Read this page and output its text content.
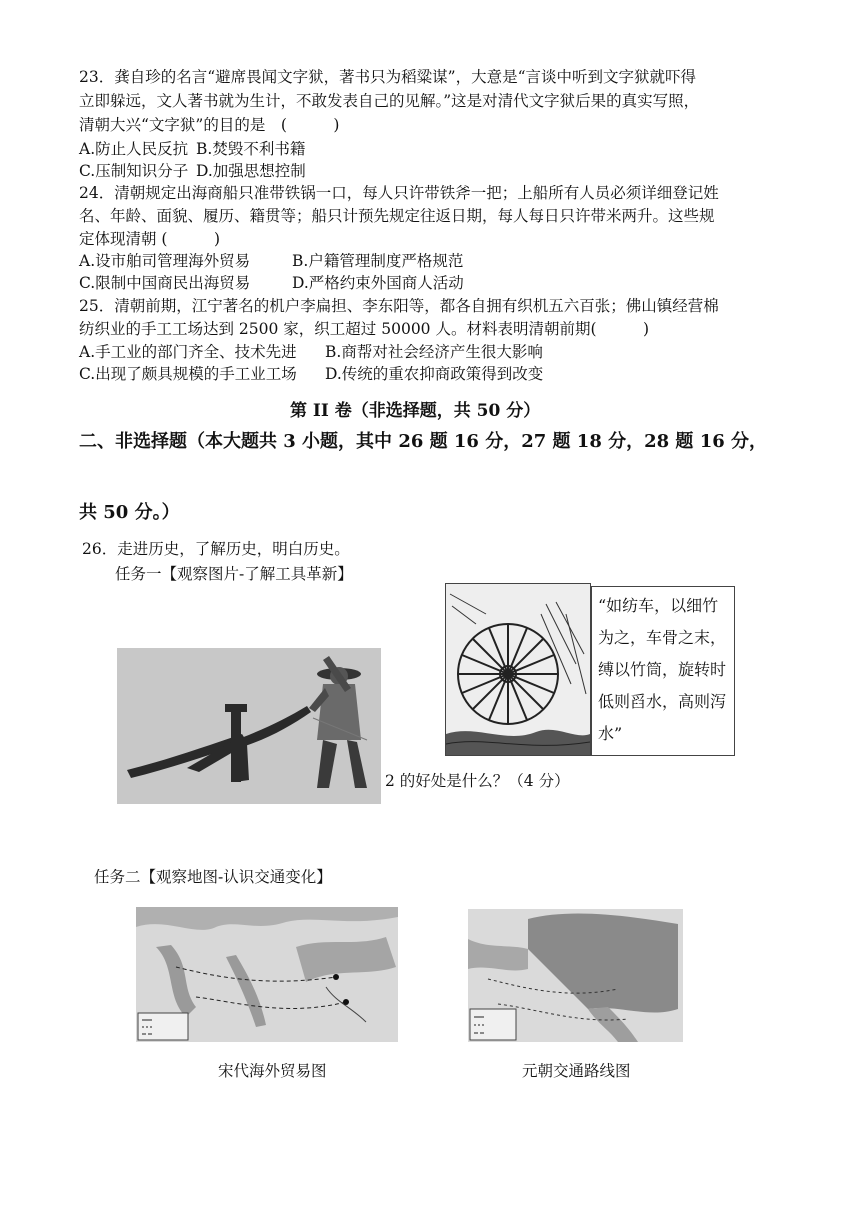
23．龚自珍的名言“避席畏闻文字狱，著书只为稻粱谋”，大意是“言谈中听到文字狱就吓得
立即躲远，文人著书就为生计，不敢发表自己的见解。”这是对清代文字狱后果的真实写照，
清朝大兴“文字狱”的目的是　(　　　)
A.防止人民反抗 B.焚毁不利书籍
C.压制知识分子 D.加强思想控制
24．清朝规定出海商船只准带铁锅一口，每人只许带铁斧一把；上船所有人员必须详细登记姓
名、年龄、面貌、履历、籍贯等；船只计预先规定往返日期，每人每日只许带米两升。这些规
定体现清朝 (　　　)
A.设市舶司管理海外贸易	B.户籍管理制度严格规范
C.限制中国商民出海贸易	D.严格约束外国商人活动
25．清朝前期，江宁著名的机户李扁担、李东阳等，都各自拥有织机五六百张；佛山镇经营棉
纺织业的手工工场达到 2500 家，织工超过 50000 人。材料表明清朝前期(　　　)
A.手工业的部门齐全、技术先进 B.商帮对社会经济产生很大影响
C.出现了颇具规模的手工业工场 D.传统的重农抑商政策得到改变
第 II 卷（非选择题，共 50 分）
二、非选择题（本大题共 3 小题，其中 26 题 16 分，27 题 18 分，28 题 16 分，
共 50 分。）
26．走进历史，了解历史，明白历史。
任务一【观察图片-了解工具革新】
“如纺车，以细竹
为之，车骨之末，
缚以竹筒，旋转时
低则舀水，高则泻
水”
2 的好处是什么？（4 分）
任务二【观察地图-认识交通变化】
宋代海外贸易图	元朝交通路线图
